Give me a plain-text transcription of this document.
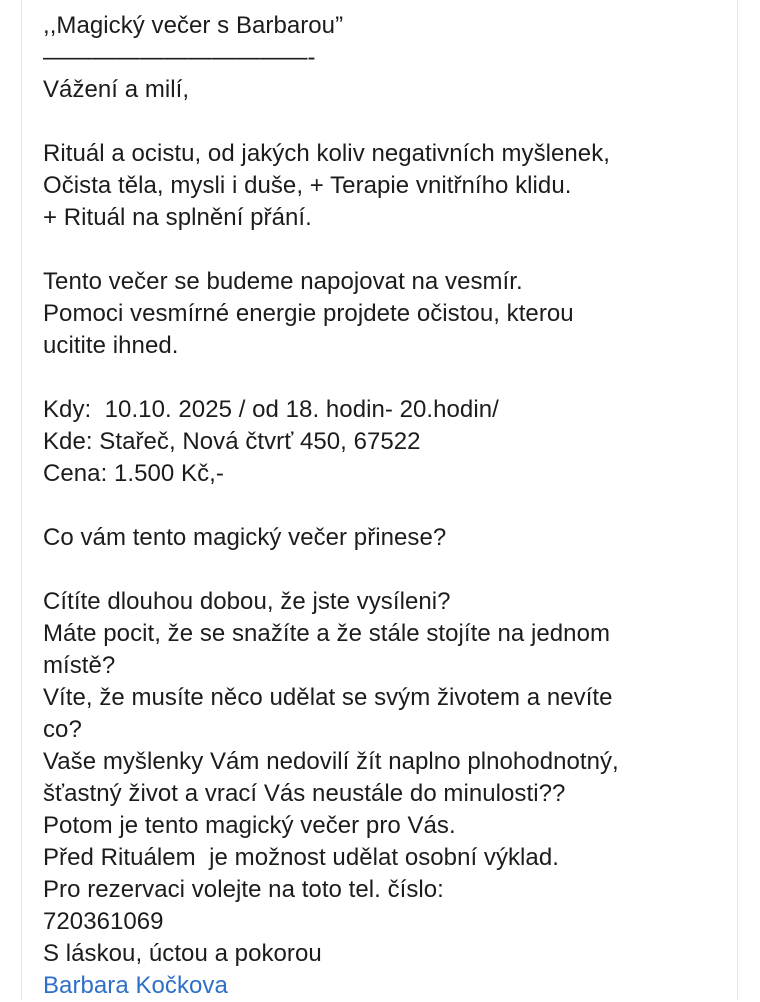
,,Magický večer s Barbarou”
———————————-
Vážení a milí,
Rituál a ocistu, od jakých koliv negativních myšlenek,
Očista těla, mysli i duše, + Terapie vnitřního klidu.
+ Rituál na splnění přání.
Tento večer se budeme napojovat na vesmír.
Pomoci vesmírné energie projdete očistou, kterou
ucitite ihned.
Kdy:  10.10. 2025 / od 18. hodin- 20.hodin/
Kde: Stařeč, Nová čtvrť 450, 67522
Cena: 1.500 Kč,-
Co vám tento magický večer přinese?
Cítíte dlouhou dobou, že jste vysíleni?
Máte pocit, že se snažíte a že stále stojíte na jednom
místě?
Víte, že musíte něco udělat se svým životem a nevíte
co?
Vaše myšlenky Vám nedovilí žít naplno plnohodnotný,
šťastný život a vrací Vás neustále do minulosti??
Potom je tento magický večer pro Vás.
Před Rituálem  je možnost udělat osobní výklad.
Pro rezervaci volejte na toto tel. číslo:
720361069
S láskou, úctou a pokorou
Barbara Kočkova
